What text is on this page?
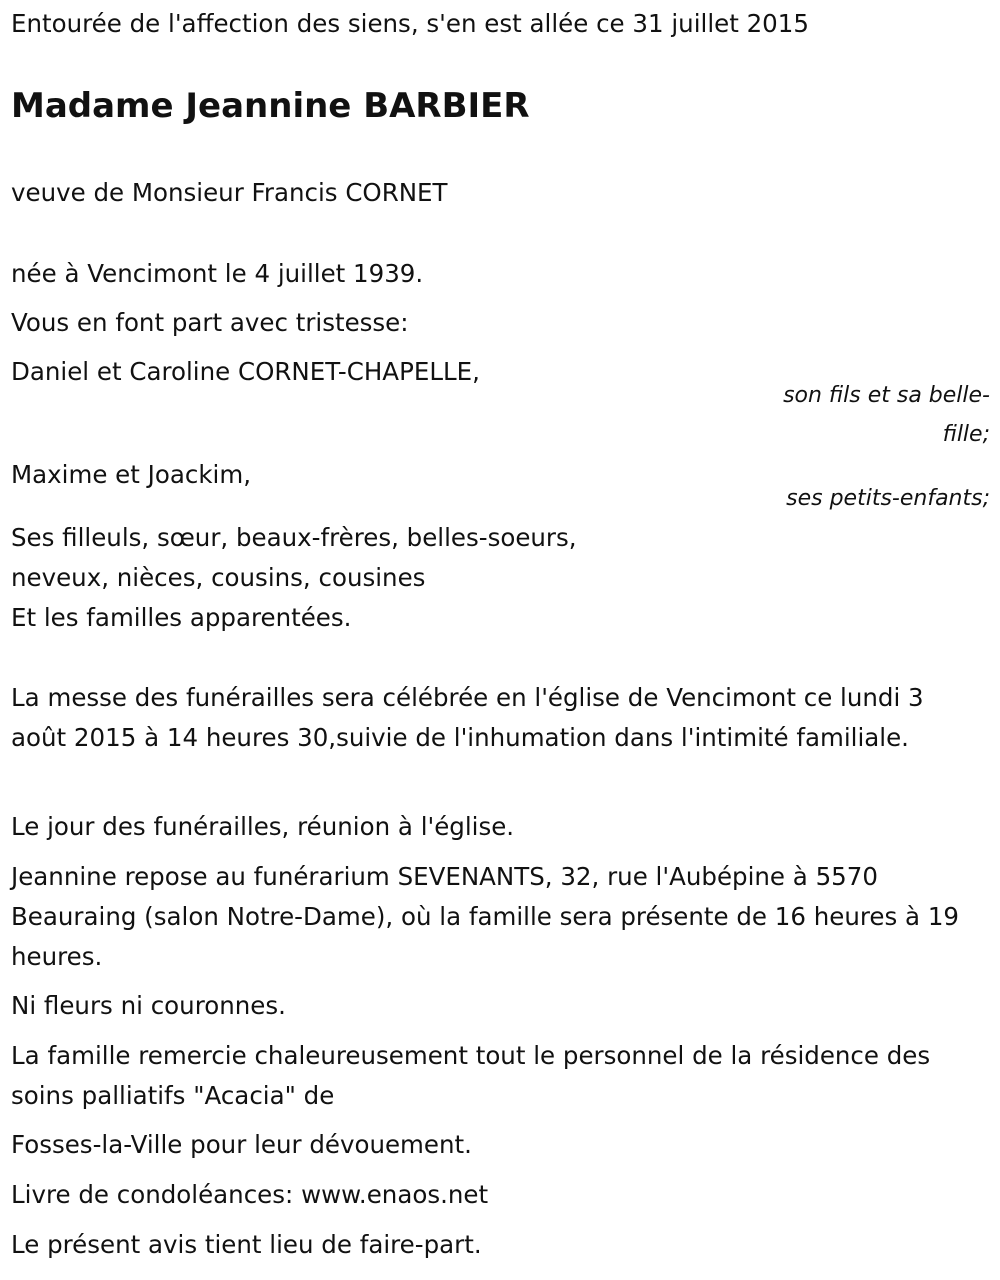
Entourée de l'affection des siens, s'en est allée ce 31 juillet 2015

Madame Jeannine BARBIER

veuve de Monsieur Francis CORNET

née à Vencimont le 4 juillet 1939.

Vous en font part avec tristesse:

Daniel et Caroline CORNET-CHAPELLE,

son fils et sa belle-
fille;

Maxime et Joackim,

ses petits-enfants;

Ses filleuls, sœur, beaux-frères, belles-soeurs,

neveux, nièces, cousins, cousines

Et les familles apparentées.

La messe des funérailles sera célébrée en l'église de Vencimont ce lundi 3 août 2015 à 14 heures 30,suivie de l'inhumation dans l'intimité familiale.

Le jour des funérailles, réunion à l'église.

Jeannine repose au funérarium SEVENANTS, 32, rue l'Aubépine à 5570 Beauraing (salon Notre-Dame), où la famille sera présente de 16 heures à 19 heures.

Ni fleurs ni couronnes.

La famille remercie chaleureusement tout le personnel de la résidence des soins palliatifs "Acacia" de

Fosses-la-Ville pour leur dévouement.

Livre de condoléances: www.enaos.net

Le présent avis tient lieu de faire-part.
